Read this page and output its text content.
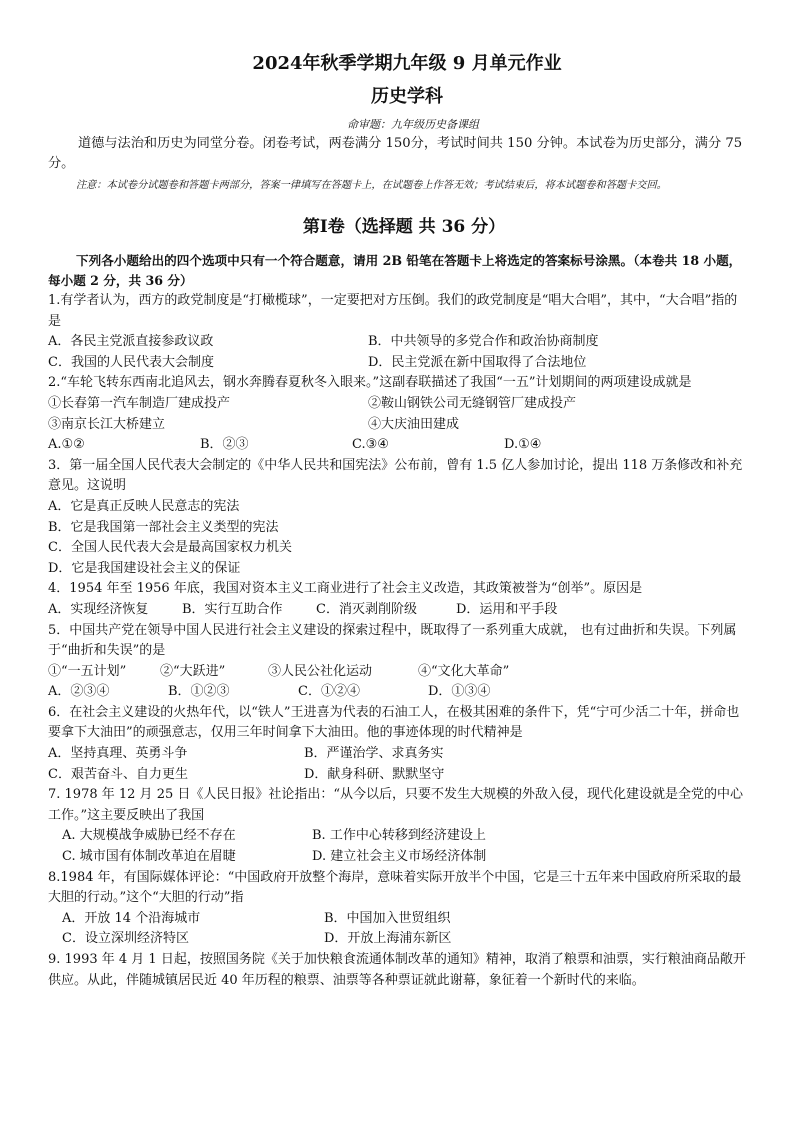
2024年秋季学期九年级 9 月单元作业
历史学科
命审题：九年级历史备课组
道德与法治和历史为同堂分卷。闭卷考试，两卷满分 150分，考试时间共 150 分钟。本试卷为历史部分，满分 75 分。
注意：本试卷分试题卷和答题卡两部分，答案一律填写在答题卡上，在试题卷上作答无效；考试结束后，将本试题卷和答题卡交回。
第Ⅰ卷（选择题 共 36 分）
下列各小题给出的四个选项中只有一个符合题意，请用 2B 铅笔在答题卡上将选定的答案标号涂黑。（本卷共 18 小题，每小题 2 分，共 36 分）

1.有学者认为，西方的政党制度是“打橄榄球”，一定要把对方压倒。我们的政党制度是“唱大合唱”，其中，“大合唱”指的是

A．各民主党派直接参政议政	B．中共领导的多党合作和政治协商制度
C．我国的人民代表大会制度	D．民主党派在新中国取得了合法地位

2.“车轮飞转东西南北追风去，钢水奔腾春夏秋冬入眼来。”这副春联描述了我国“一五”计划期间的两项建设成就是

①长春第一汽车制造厂建成投产	②鞍山钢铁公司无缝钢管厂建成投产
③南京长江大桥建立	④大庆油田建成
A.①②	B．②③	C.③④	D.①④

3．第一届全国人民代表大会制定的《中华人民共和国宪法》公布前，曾有 1.5 亿人参加讨论，提出 118 万条修改和补充意见。这说明

A．它是真正反映人民意志的宪法

B．它是我国第一部社会主义类型的宪法

C．全国人民代表大会是最高国家权力机关

D．它是我国建设社会主义的保证

4．1954 年至 1956 年底，我国对资本主义工商业进行了社会主义改造，其政策被誉为“创举”。原因是

A．实现经济恢复	B．实行互助合作	C．消灭剥削阶级	D．运用和平手段

5．中国共产党在领导中国人民进行社会主义建设的探索过程中，既取得了一系列重大成就， 也有过曲折和失误。下列属于“曲折和失误”的是

①“一五计划”	②“大跃进”	③人民公社化运动	④“文化大革命”
A．②③④	B．①②③	C．①②④	D．①③④

6．在社会主义建设的火热年代，以“铁人”王进喜为代表的石油工人，在极其困难的条件下，凭“宁可少活二十年，拼命也要拿下大油田”的顽强意志，仅用三年时间拿下大油田。他的事迹体现的时代精神是

A．坚持真理、英勇斗争	B．严谨治学、求真务实
C．艰苦奋斗、自力更生	D．献身科研、默默坚守

7. 1978 年 12 月 25 日《人民日报》社论指出：“从今以后，只要不发生大规模的外敌入侵，现代化建设就是全党的中心工作。”这主要反映出了我国

A. 大规模战争威胁已经不存在	B. 工作中心转移到经济建设上
C. 城市国有体制改革迫在眉睫	D. 建立社会主义市场经济体制

8.1984 年，有国际媒体评论：“中国政府开放整个海岸，意味着实际开放半个中国，它是三十五年来中国政府所采取的最大胆的行动。”这个“大胆的行动”指

A．开放 14 个沿海城市	B．中国加入世贸组织
C．设立深圳经济特区	D．开放上海浦东新区

9. 1993 年 4 月 1 日起，按照国务院《关于加快粮食流通体制改革的通知》精神，取消了粮票和油票，实行粮油商品敞开供应。从此，伴随城镇居民近 40 年历程的粮票、油票等各种票证就此谢幕，象征着一个新时代的来临。
